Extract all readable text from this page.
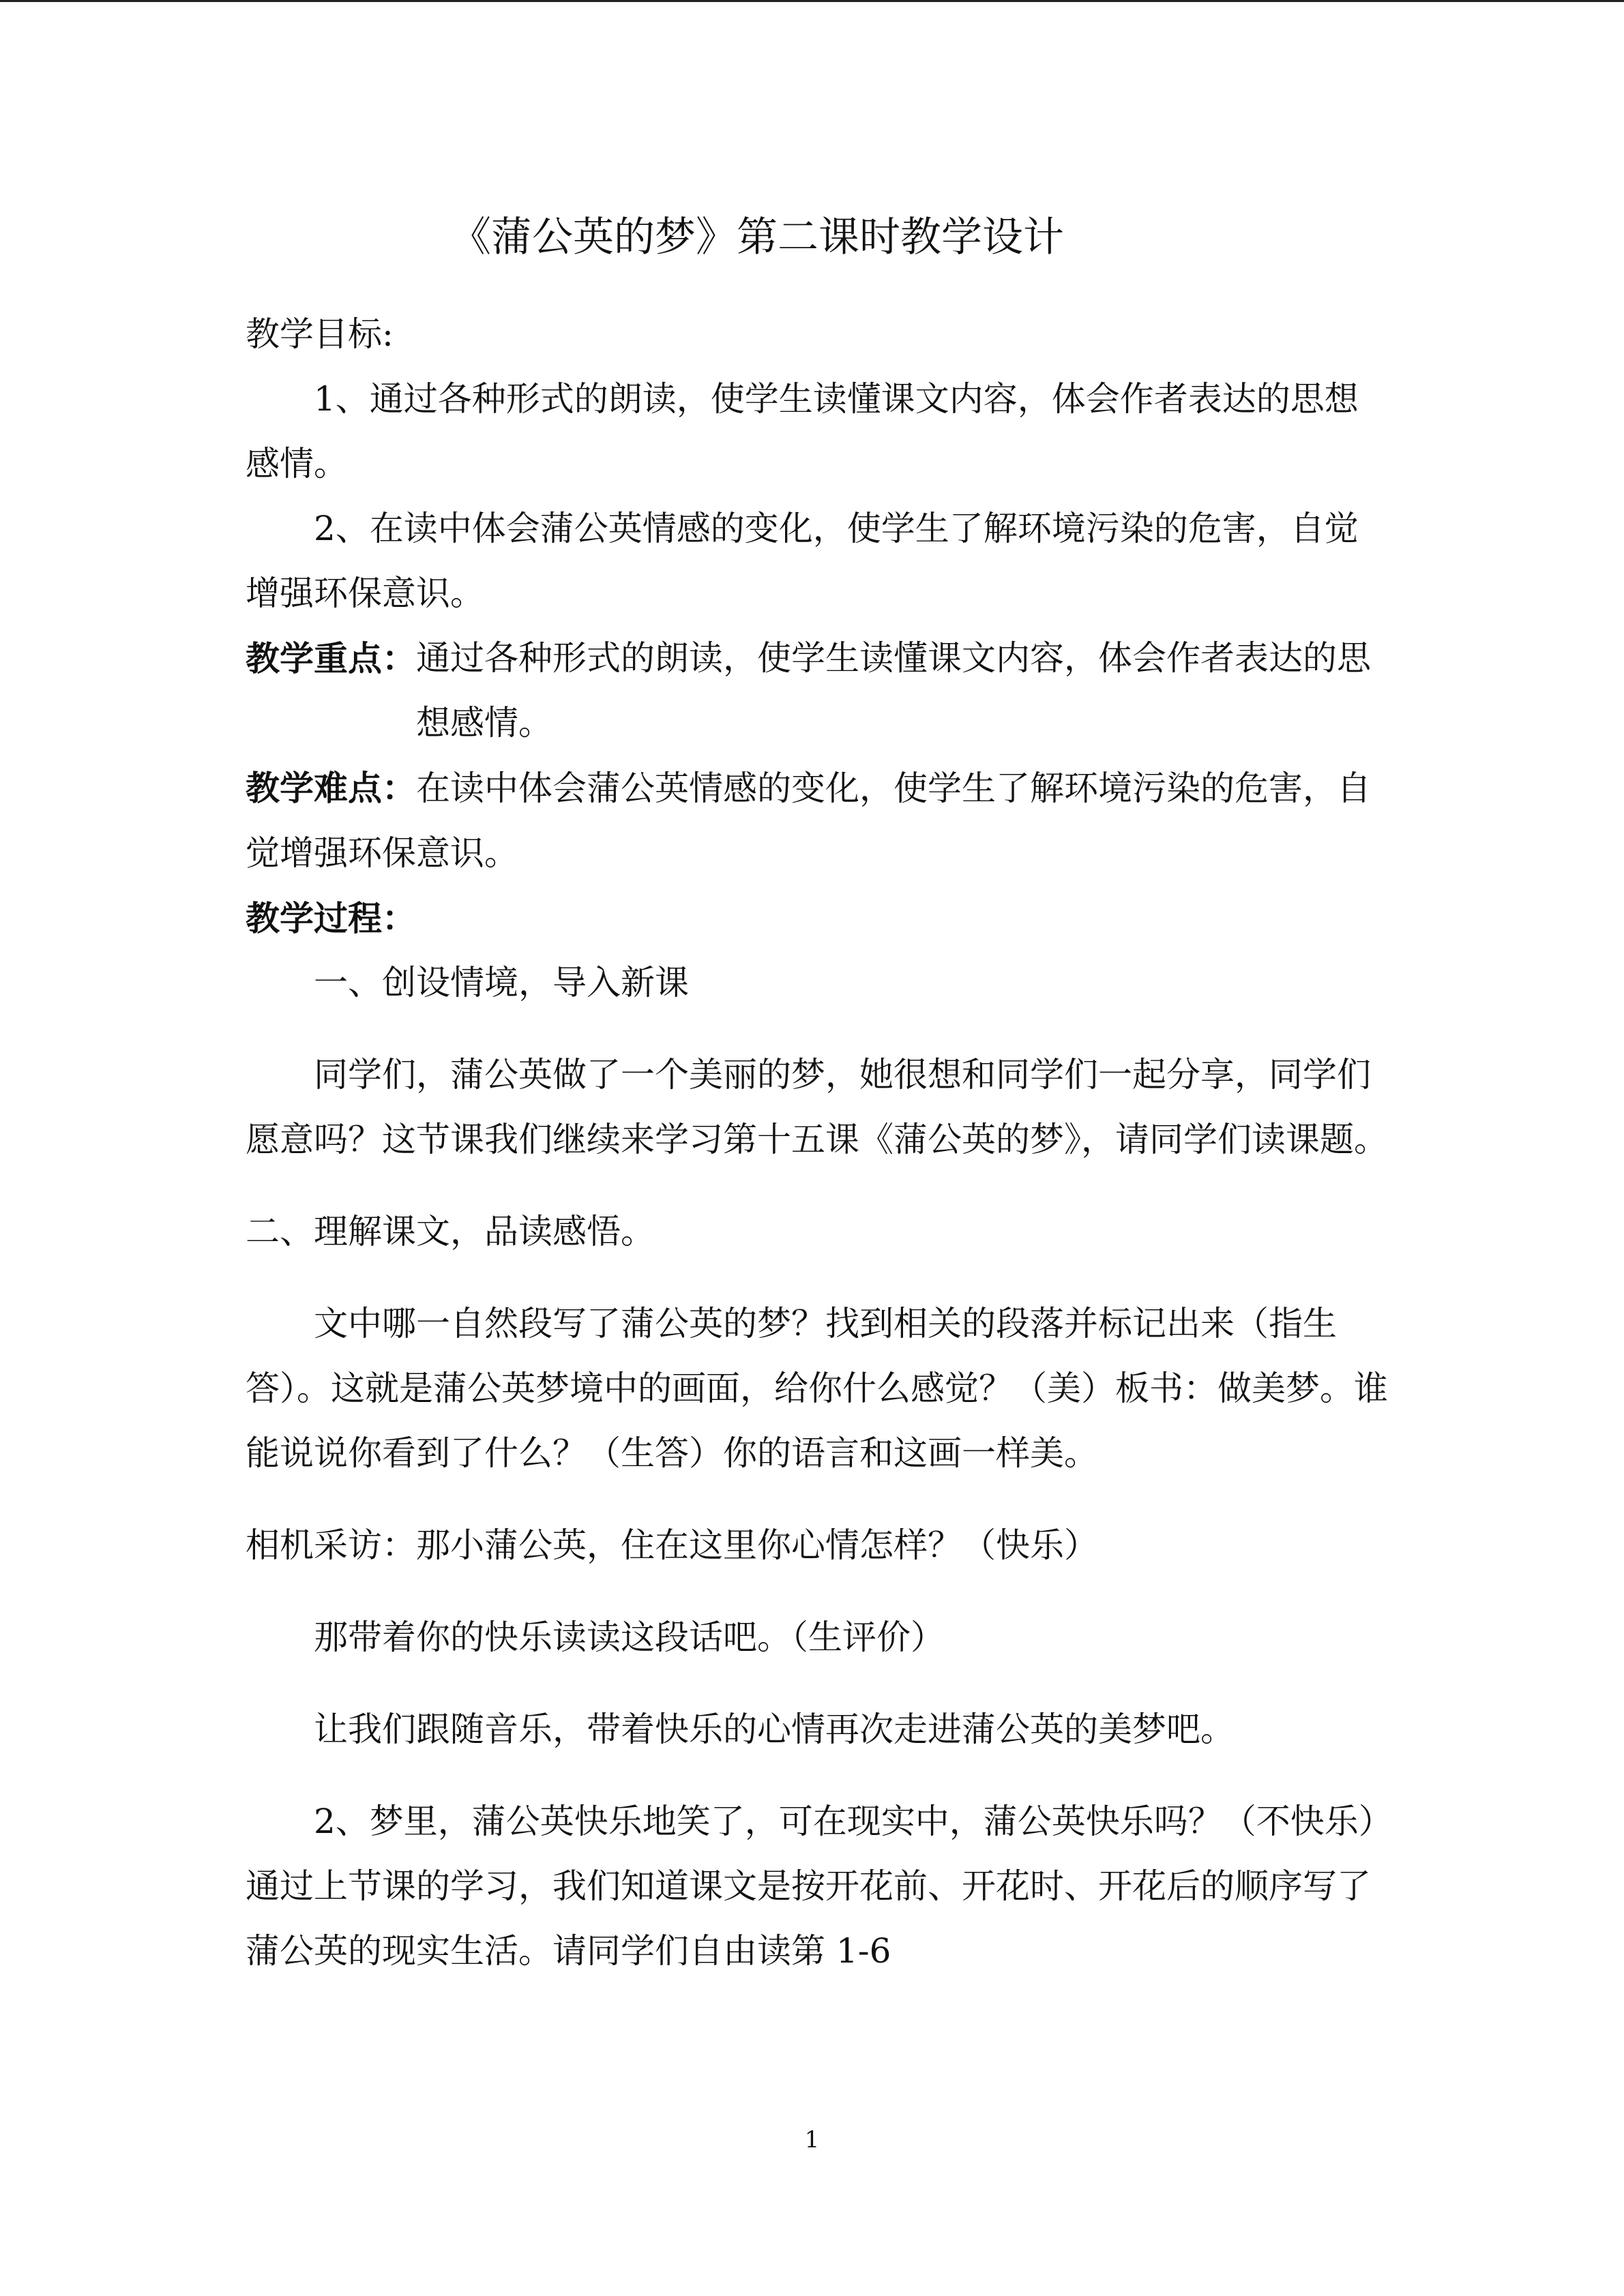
《蒲公英的梦》第二课时教学设计

教学目标:

1、通过各种形式的朗读，使学生读懂课文内容，体会作者表达的思想感情。

2、在读中体会蒲公英情感的变化，使学生了解环境污染的危害，自觉增强环保意识。

教学重点： 通过各种形式的朗读，使学生读懂课文内容，体会作者表达的思想感情。

教学难点：在读中体会蒲公英情感的变化，使学生了解环境污染的危害，自觉增强环保意识。

教学过程：

一、创设情境，导入新课

同学们，蒲公英做了一个美丽的梦，她很想和同学们一起分享，同学们愿意吗？这节课我们继续来学习第十五课《蒲公英的梦》，请同学们读课题。

二、理解课文，品读感悟。

文中哪一自然段写了蒲公英的梦？找到相关的段落并标记出来（指生答）。这就是蒲公英梦境中的画面，给你什么感觉？（美）板书：做美梦。谁能说说你看到了什么？（生答）你的语言和这画一样美。

相机采访：那小蒲公英，住在这里你心情怎样？（快乐）

那带着你的快乐读读这段话吧。（生评价）

让我们跟随音乐，带着快乐的心情再次走进蒲公英的美梦吧。

2、梦里，蒲公英快乐地笑了，可在现实中，蒲公英快乐吗？（不快乐）通过上节课的学习，我们知道课文是按开花前、开花时、开花后的顺序写了蒲公英的现实生活。请同学们自由读第 1-6

1
